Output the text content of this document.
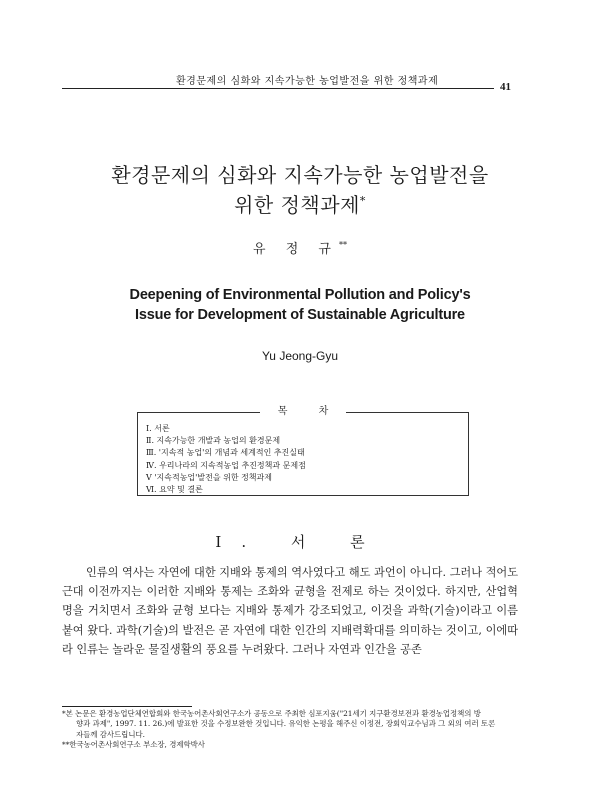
환경문제의 심화와 지속가능한 농업발전을 위한 정책과제	41
환경문제의 심화와 지속가능한 농업발전을
위한 정책과제*
유 정 규**
Deepening of Environmental Pollution and Policy's
Issue for Development of Sustainable Agriculture
Yu Jeong-Gyu
목 차
Ⅰ. 서론
Ⅱ. 지속가능한 개발과 농업의 환경문제
Ⅲ. '지속적 농업'의 개념과 세계적인 추진실태
Ⅳ. 우리나라의 지속적농업 추진정책과 문제점
Ⅴ '지속적농업'발전을 위한 정책과제
Ⅵ. 요약 및 결론
Ⅰ. 서 론

인류의 역사는 자연에 대한 지배와 통제의 역사였다고 해도 과언이 아니다. 그러나 적어도 근대 이전까지는 이러한 지배와 통제는 조화와 균형을 전제로 하는 것이었다. 하지만, 산업혁명을 거치면서 조화와 균형 보다는 지배와 통제가 강조되었고, 이것을 과학(기술)이라고 이름 붙여 왔다. 과학(기술)의 발전은 곧 자연에 대한 인간의 지배력확대를 의미하는 것이고, 이에따라 인류는 놀라운 물질생활의 풍요를 누려왔다. 그러나 자연과 인간을 공존

*본 논문은 환경농업단체연합회와 한국농어촌사회연구소가 공동으로 주최한 심포지움("21세기 지구환경보전과 환경농업정책의 방

향과 과제", 1997. 11. 26.)에 발표한 것을 수정보완한 것입니다. 유익한 논평을 해주신 이정전, 장회익교수님과 그 외의 여러 토론

자들께 감사드립니다.

**한국농어촌사회연구소 부소장, 경제학박사
